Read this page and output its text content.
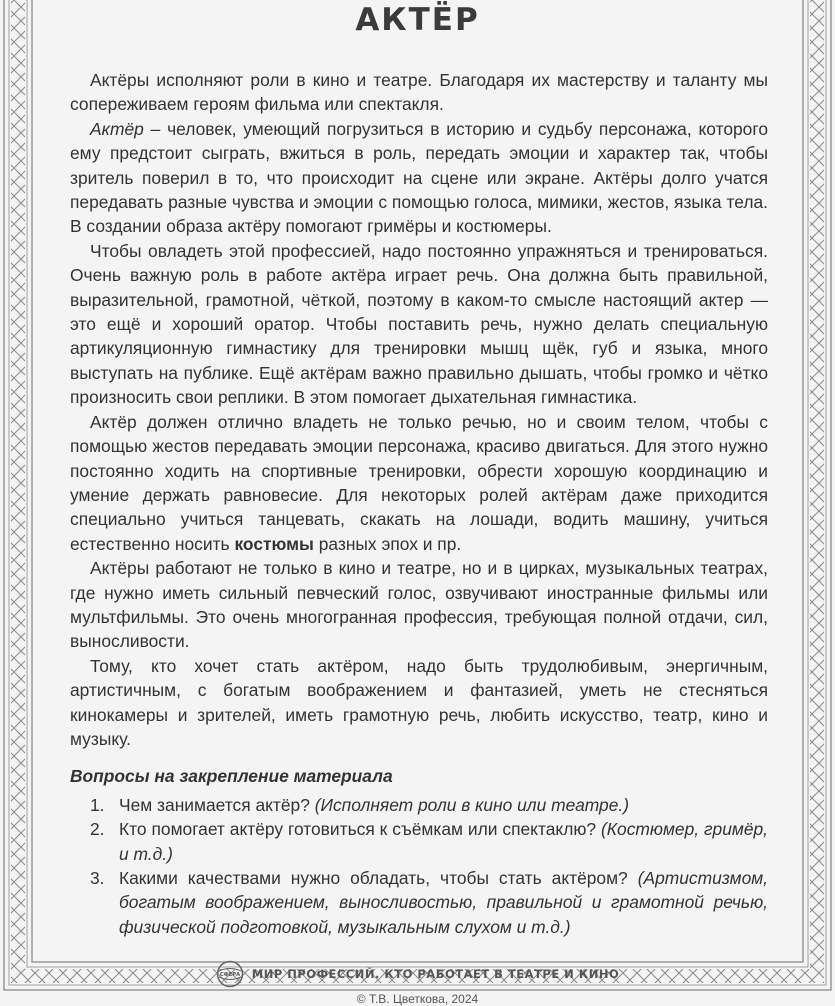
АКТЁР

Актёры исполняют роли в кино и театре. Благодаря их мастерству и таланту мы сопереживаем героям фильма или спектакля.

Актёр – человек, умеющий погрузиться в историю и судьбу персонажа, которого ему предстоит сыграть, вжиться в роль, передать эмоции и характер так, чтобы зритель поверил в то, что происходит на сцене или экране. Актёры долго учатся передавать разные чувства и эмоции с помощью голоса, мимики, жестов, языка тела. В создании образа актёру помогают гримёры и костюмеры.

Чтобы овладеть этой профессией, надо постоянно упражняться и тренироваться. Очень важную роль в работе актёра играет речь. Она должна быть правильной, выразительной, грамотной, чёткой, поэтому в каком-то смысле настоящий актер — это ещё и хороший оратор. Чтобы поставить речь, нужно делать специальную артикуляционную гимнастику для тренировки мышц щёк, губ и языка, много выступать на публике. Ещё актёрам важно правильно дышать, чтобы громко и чётко произносить свои реплики. В этом помогает дыхательная гимнастика.

Актёр должен отлично владеть не только речью, но и своим телом, чтобы с помощью жестов передавать эмоции персонажа, красиво двигаться. Для этого нужно постоянно ходить на спортивные тренировки, обрести хорошую координацию и умение держать равновесие. Для некоторых ролей актёрам даже приходится специально учиться танцевать, скакать на лошади, водить машину, учиться естественно носить костюмы разных эпох и пр.

Актёры работают не только в кино и театре, но и в цирках, музыкальных театрах, где нужно иметь сильный певческий голос, озвучивают иностранные фильмы или мультфильмы. Это очень многогранная профессия, требующая полной отдачи, сил, выносливости.

Тому, кто хочет стать актёром, надо быть трудолюбивым, энергичным, артистичным, с богатым воображением и фантазией, уметь не стесняться кинокамеры и зрителей, иметь грамотную речь, любить искусство, театр, кино и музыку.

Вопросы на закрепление материала
1. Чем занимается актёр? (Исполняет роли в кино или театре.)
2. Кто помогает актёру готовиться к съёмкам или спектаклю? (Костюмер, гримёр, и т.д.)
3. Какими качествами нужно обладать, чтобы стать актёром? (Артистизмом, богатым воображением, выносливостью, правильной и грамотной речью, физической подготовкой, музыкальным слухом и т.д.)
СФЕРА МИР ПРОФЕССИЙ. КТО РАБОТАЕТ В ТЕАТРЕ И КИНО
© Т.В. Цветкова, 2024
